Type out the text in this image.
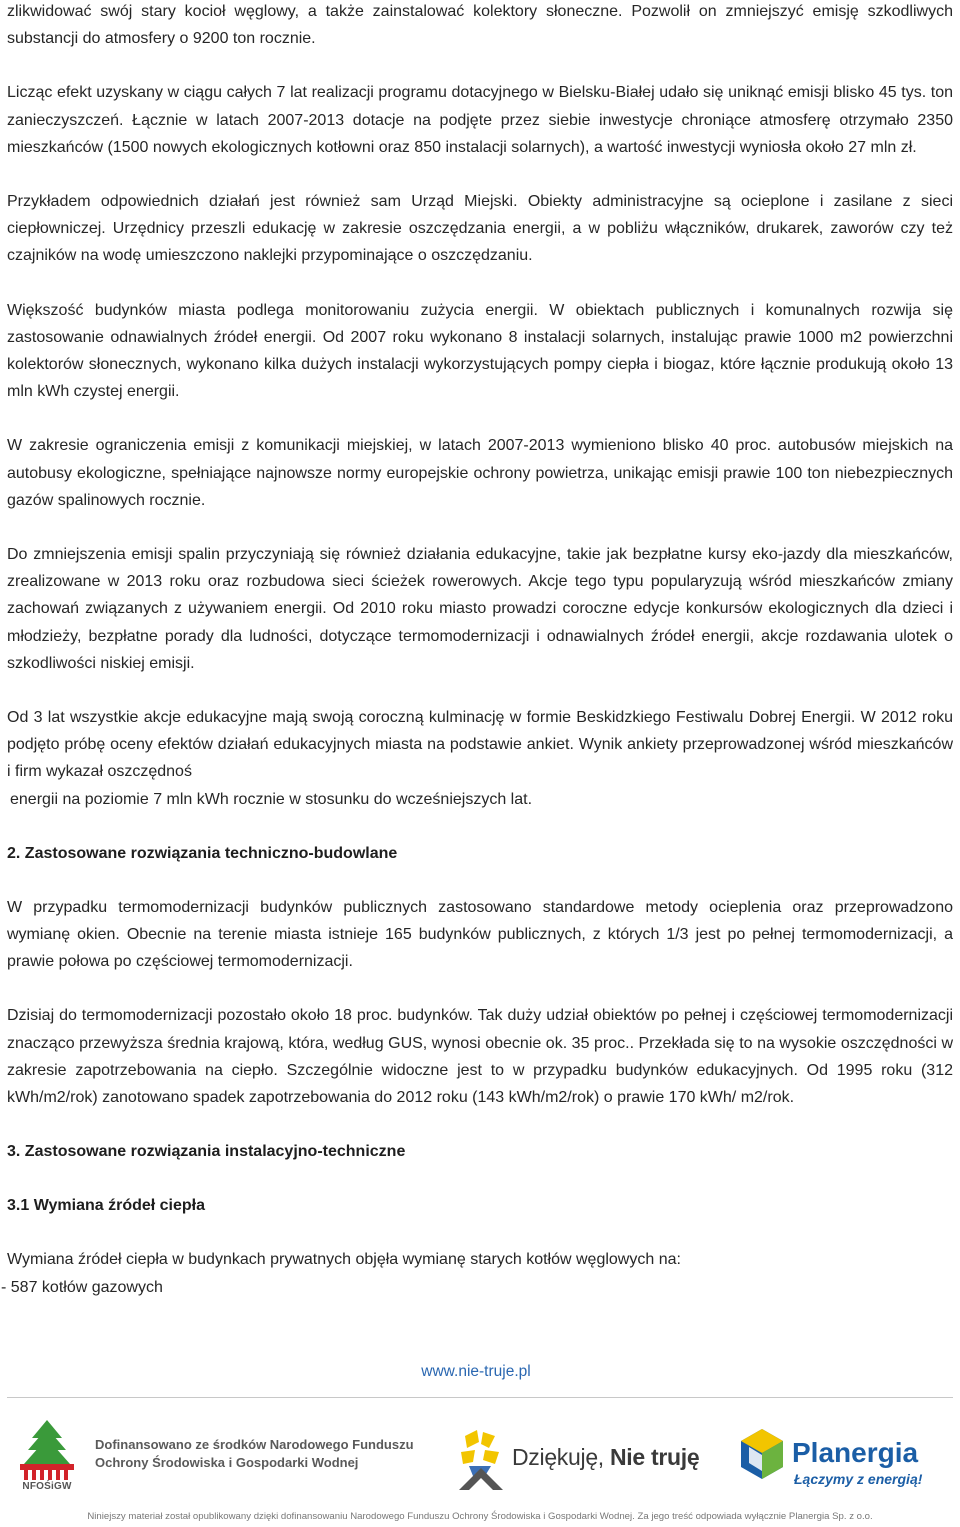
zlikwidować swój stary kocioł węglowy, a także zainstalować kolektory słoneczne. Pozwolił on zmniejszyć emisję szkodliwych substancji do atmosfery o 9200 ton rocznie.

Licząc efekt uzyskany w ciągu całych 7 lat realizacji programu dotacyjnego w Bielsku-Białej udało się uniknąć emisji blisko 45 tys. ton zanieczyszczeń. Łącznie w latach 2007-2013 dotacje na podjęte przez siebie inwestycje chroniące atmosferę otrzymało 2350 mieszkańców (1500 nowych ekologicznych kotłowni oraz 850 instalacji solarnych), a wartość inwestycji wyniosła około 27 mln zł.

Przykładem odpowiednich działań jest również sam Urząd Miejski. Obiekty administracyjne są ocieplone i zasilane z sieci ciepłowniczej. Urzędnicy przeszli edukację w zakresie oszczędzania energii, a w pobliżu włączników, drukarek, zaworów czy też czajników na wodę umieszczono naklejki przypominające o oszczędzaniu.

Większość budynków miasta podlega monitorowaniu zużycia energii. W obiektach publicznych i komunalnych rozwija się zastosowanie odnawialnych źródeł energii. Od 2007 roku wykonano 8 instalacji solarnych, instalując prawie 1000 m2 powierzchni kolektorów słonecznych, wykonano kilka dużych instalacji wykorzystujących pompy ciepła i biogaz, które łącznie produkują około 13 mln kWh czystej energii.

W zakresie ograniczenia emisji z komunikacji miejskiej, w latach 2007-2013 wymieniono blisko 40 proc. autobusów miejskich na autobusy ekologiczne, spełniające najnowsze normy europejskie ochrony powietrza, unikając emisji prawie 100 ton niebezpiecznych gazów spalinowych rocznie.

Do zmniejszenia emisji spalin przyczyniają się również działania edukacyjne, takie jak bezpłatne kursy eko-jazdy dla mieszkańców, zrealizowane w 2013 roku oraz rozbudowa sieci ścieżek rowerowych. Akcje tego typu popularyzują wśród mieszkańców zmiany zachowań związanych z używaniem energii. Od 2010 roku miasto prowadzi coroczne edycje konkursów ekologicznych dla dzieci i młodzieży, bezpłatne porady dla ludności, dotyczące termomodernizacji i odnawialnych źródeł energii, akcje rozdawania ulotek o szkodliwości niskiej emisji.

Od 3 lat wszystkie akcje edukacyjne mają swoją coroczną kulminację w formie Beskidzkiego Festiwalu Dobrej Energii. W 2012 roku podjęto próbę oceny efektów działań edukacyjnych miasta na podstawie ankiet. Wynik ankiety przeprowadzonej wśród mieszkańców i firm wykazał oszczędnoś

energii na poziomie 7 mln kWh rocznie w stosunku do wcześniejszych lat.

2. Zastosowane rozwiązania techniczno-budowlane

W przypadku termomodernizacji budynków publicznych zastosowano standardowe metody ocieplenia oraz przeprowadzono wymianę okien. Obecnie na terenie miasta istnieje 165 budynków publicznych, z których 1/3 jest po pełnej termomodernizacji, a prawie połowa po częściowej termomodernizacji.

Dzisiaj do termomodernizacji pozostało około 18 proc. budynków. Tak duży udział obiektów po pełnej i częściowej termomodernizacji znacząco przewyższa średnia krajową, która, według GUS, wynosi obecnie ok. 35 proc.. Przekłada się to na wysokie oszczędności w zakresie zapotrzebowania na ciepło. Szczególnie widoczne jest to w przypadku budynków edukacyjnych. Od 1995 roku (312 kWh/m2/rok) zanotowano spadek zapotrzebowania do 2012 roku (143 kWh/m2/rok) o prawie 170 kWh/ m2/rok.

3. Zastosowane rozwiązania instalacyjno-techniczne
3.1 Wymiana źródeł ciepła

Wymiana źródeł ciepła w budynkach prywatnych objęła wymianę starych kotłów węglowych na:

- 587 kotłów gazowych

www.nie-truje.pl
NFOŚiGW
Dofinansowano ze środków Narodowego Funduszu
Ochrony Środowiska i Gospodarki Wodnej	Dziękuję, Nie truję	Planergia
Łączymy z energią!
Niniejszy materiał został opublikowany dzięki dofinansowaniu Narodowego Funduszu Ochrony Środowiska i Gospodarki Wodnej. Za jego treść odpowiada wyłącznie Planergia Sp. z o.o.
